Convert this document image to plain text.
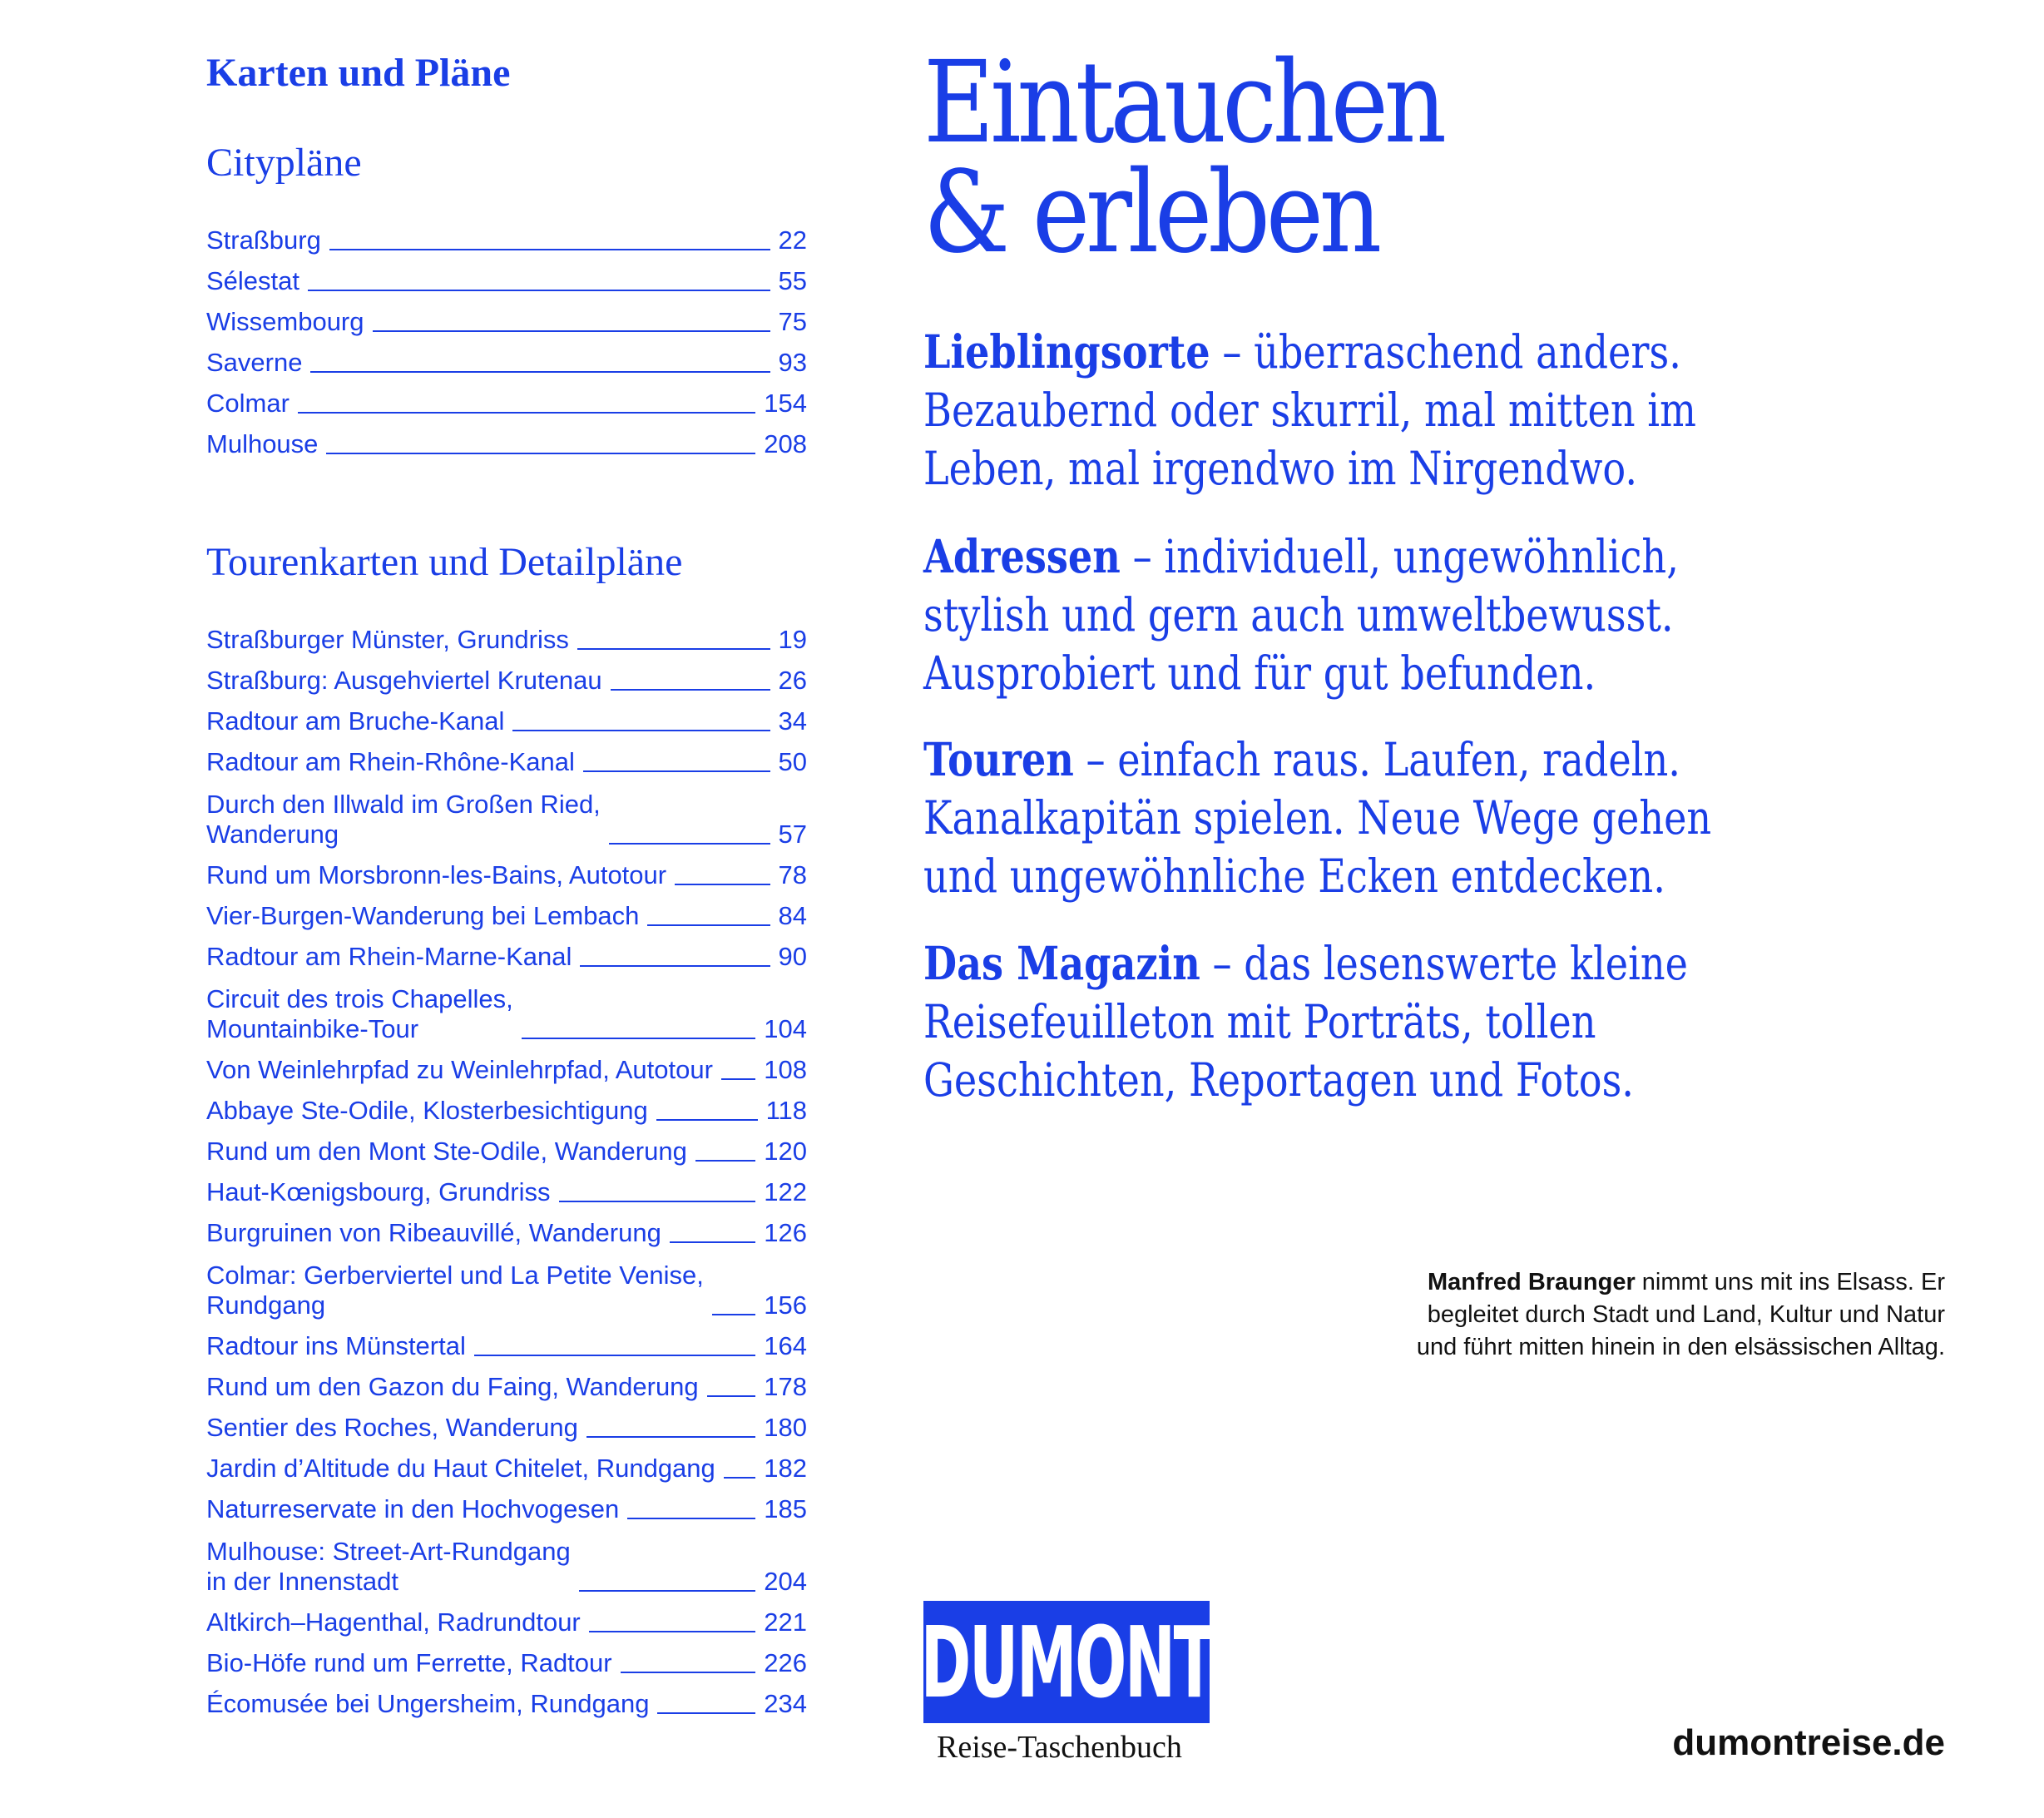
Karten und Pläne
Citypläne
Straßburg	22
Sélestat	55
Wissembourg	75
Saverne	93
Colmar	154
Mulhouse	208
Tourenkarten und Detailpläne
Straßburger Münster, Grundriss	19
Straßburg: Ausgehviertel Krutenau	26
Radtour am Bruche-Kanal	34
Radtour am Rhein-Rhône-Kanal	50
Durch den Illwald im Großen Ried,
Wanderung	57
Rund um Morsbronn-les-Bains, Autotour	78
Vier-Burgen-Wanderung bei Lembach	84
Radtour am Rhein-Marne-Kanal	90
Circuit des trois Chapelles,
Mountainbike-Tour	104
Von Weinlehrpfad zu Weinlehrpfad, Autotour 108
Abbaye Ste-Odile, Klosterbesichtigung	118
Rund um den Mont Ste-Odile, Wanderung	120
Haut-Kœnigsbourg, Grundriss	122
Burgruinen von Ribeauvillé, Wanderung	126
Colmar: Gerberviertel und La Petite Venise,
Rundgang	156
Radtour ins Münstertal	164
Rund um den Gazon du Faing, Wanderung	178
Sentier des Roches, Wanderung	180
Jardin d’Altitude du Haut Chitelet, Rundgang 182
Naturreservate in den Hochvogesen	185
Mulhouse: Street-Art-Rundgang
in der Innenstadt	204
Altkirch–Hagenthal, Radrundtour	221
Bio-Höfe rund um Ferrette, Radtour	226
Écomusée bei Ungersheim, Rundgang	234
Eintauchen
& erleben
Lieblingsorte – überraschend anders. Bezaubernd oder skurril, mal mitten im Leben, mal irgendwo im Nirgendwo.
Adressen – individuell, ungewöhnlich, stylish und gern auch umweltbewusst. Ausprobiert und für gut befunden.
Touren – einfach raus. Laufen, radeln. Kanalkapitän spielen. Neue Wege gehen und ungewöhnliche Ecken entdecken.
Das Magazin – das lesenswerte kleine Reisefeuilleton mit Porträts, tollen Geschichten, Reportagen und Fotos.
Manfred Braunger nimmt uns mit ins Elsass. Er begleitet durch Stadt und Land, Kultur und Natur und führt mitten hinein in den elsässischen Alltag.
DUMONT
Reise-Taschenbuch	dumontreise.de
